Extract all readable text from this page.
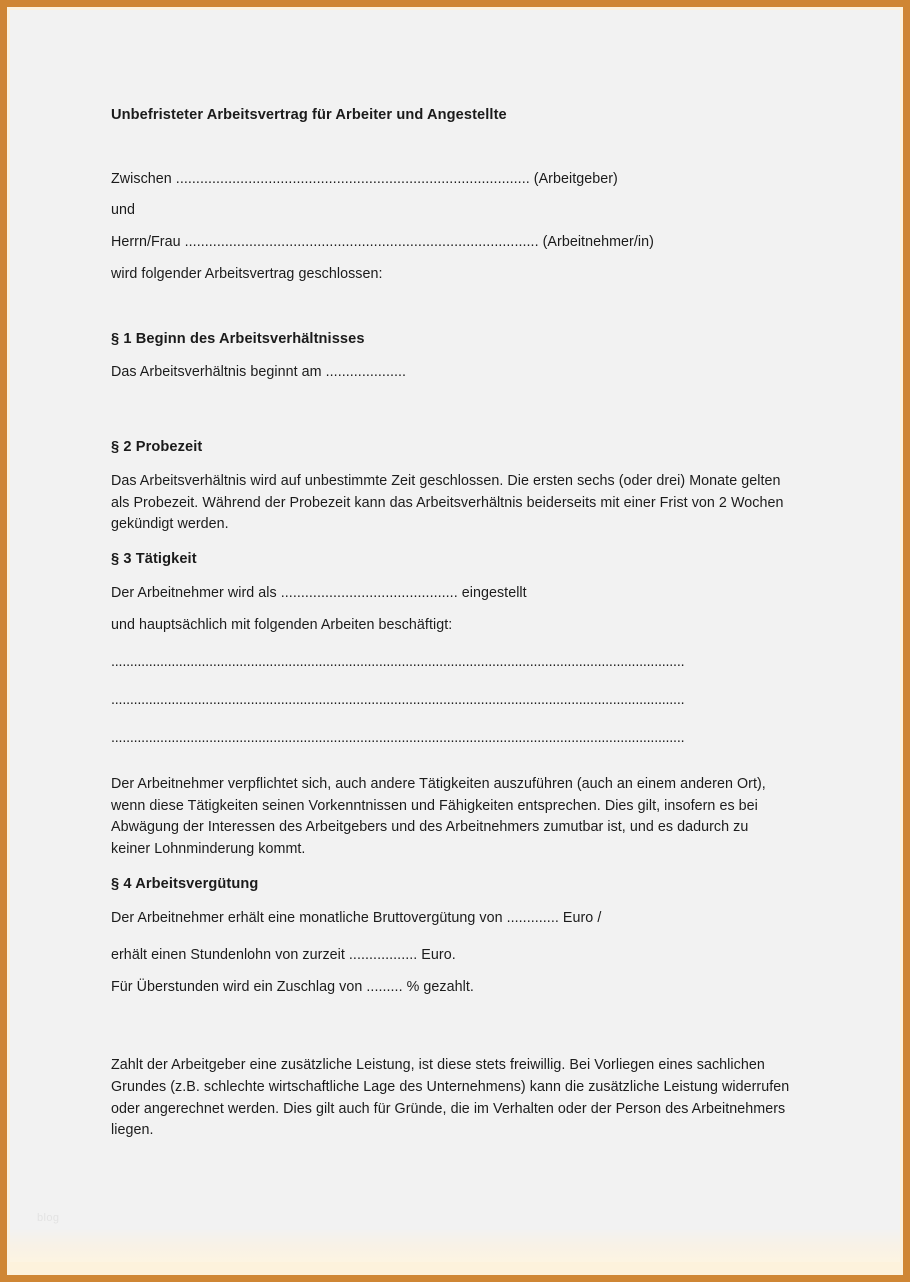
Unbefristeter Arbeitsvertrag für Arbeiter und Angestellte
Zwischen ........................................................................................ (Arbeitgeber)
und
Herrn/Frau ........................................................................................ (Arbeitnehmer/in)
wird folgender Arbeitsvertrag geschlossen:
§ 1 Beginn des Arbeitsverhältnisses

Das Arbeitsverhältnis beginnt am ....................

§ 2 Probezeit

Das Arbeitsverhältnis wird auf unbestimmte Zeit geschlossen. Die ersten sechs (oder drei) Monate gelten als Probezeit. Während der Probezeit kann das Arbeitsverhältnis beiderseits mit einer Frist von 2 Wochen gekündigt werden.

§ 3 Tätigkeit

Der Arbeitnehmer wird als ............................................ eingestellt

und hauptsächlich mit folgenden Arbeiten beschäftigt:

........................................................................................................................................................
........................................................................................................................................................
........................................................................................................................................................

Der Arbeitnehmer verpflichtet sich, auch andere Tätigkeiten auszuführen (auch an einem anderen Ort), wenn diese Tätigkeiten seinen Vorkenntnissen und Fähigkeiten entsprechen. Dies gilt, insofern es bei Abwägung der Interessen des Arbeitgebers und des Arbeitnehmers zumutbar ist, und es dadurch zu keiner Lohnminderung kommt.

§ 4 Arbeitsvergütung

Der Arbeitnehmer erhält eine monatliche Bruttovergütung von ............. Euro /

erhält einen Stundenlohn von zurzeit ................. Euro.

Für Überstunden wird ein Zuschlag von ......... % gezahlt.

Zahlt der Arbeitgeber eine zusätzliche Leistung, ist diese stets freiwillig. Bei Vorliegen eines sachlichen Grundes (z.B. schlechte wirtschaftliche Lage des Unternehmens) kann die zusätzliche Leistung widerrufen oder angerechnet werden. Dies gilt auch für Gründe, die im Verhalten oder der Person des Arbeitnehmers liegen.

blog
